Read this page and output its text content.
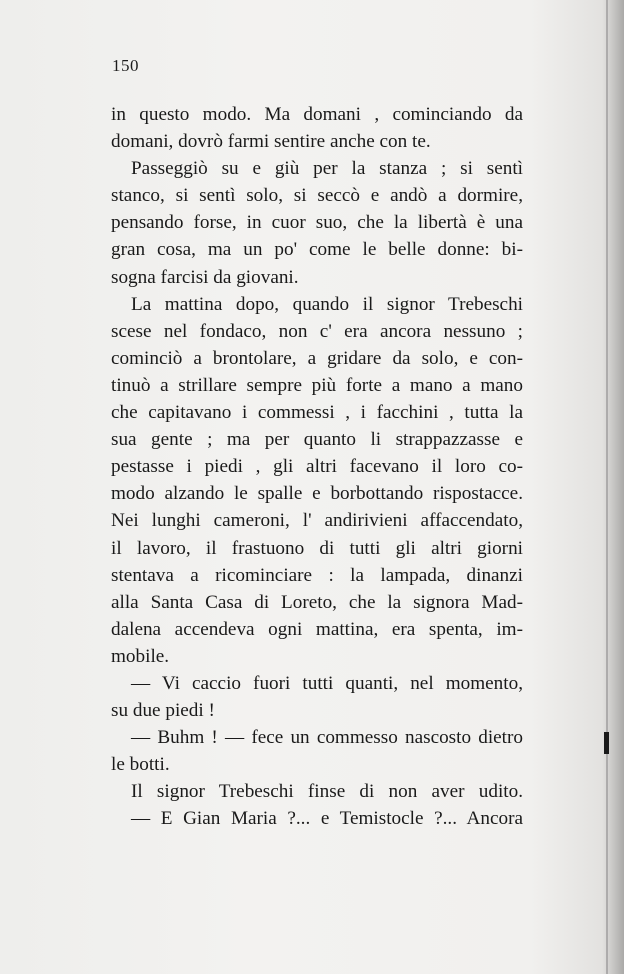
150
in questo modo. Ma domani , cominciando da
domani, dovrò farmi sentire anche con te.
Passeggiò su e giù per la stanza ; si sentì
stanco, si sentì solo, si seccò e andò a dormire,
pensando forse, in cuor suo, che la libertà è una
gran cosa, ma un po' come le belle donne: bi-
sogna farcisi da giovani.
La mattina dopo, quando il signor Trebeschi
scese nel fondaco, non c' era ancora nessuno ;
cominciò a brontolare, a gridare da solo, e con-
tinuò a strillare sempre più forte a mano a mano
che capitavano i commessi , i facchini , tutta la
sua gente ; ma per quanto li strappazzasse e
pestasse i piedi , gli altri facevano il loro co-
modo alzando le spalle e borbottando rispostacce.
Nei lunghi cameroni, l' andirivieni affaccendato,
il lavoro, il frastuono di tutti gli altri giorni
stentava a ricominciare : la lampada, dinanzi
alla Santa Casa di Loreto, che la signora Mad-
dalena accendeva ogni mattina, era spenta, im-
mobile.
— Vi caccio fuori tutti quanti, nel momento,
su due piedi !
— Buhm ! — fece un commesso nascosto dietro
le botti.
Il signor Trebeschi finse di non aver udito.
— E Gian Maria ?... e Temistocle ?... Ancora
